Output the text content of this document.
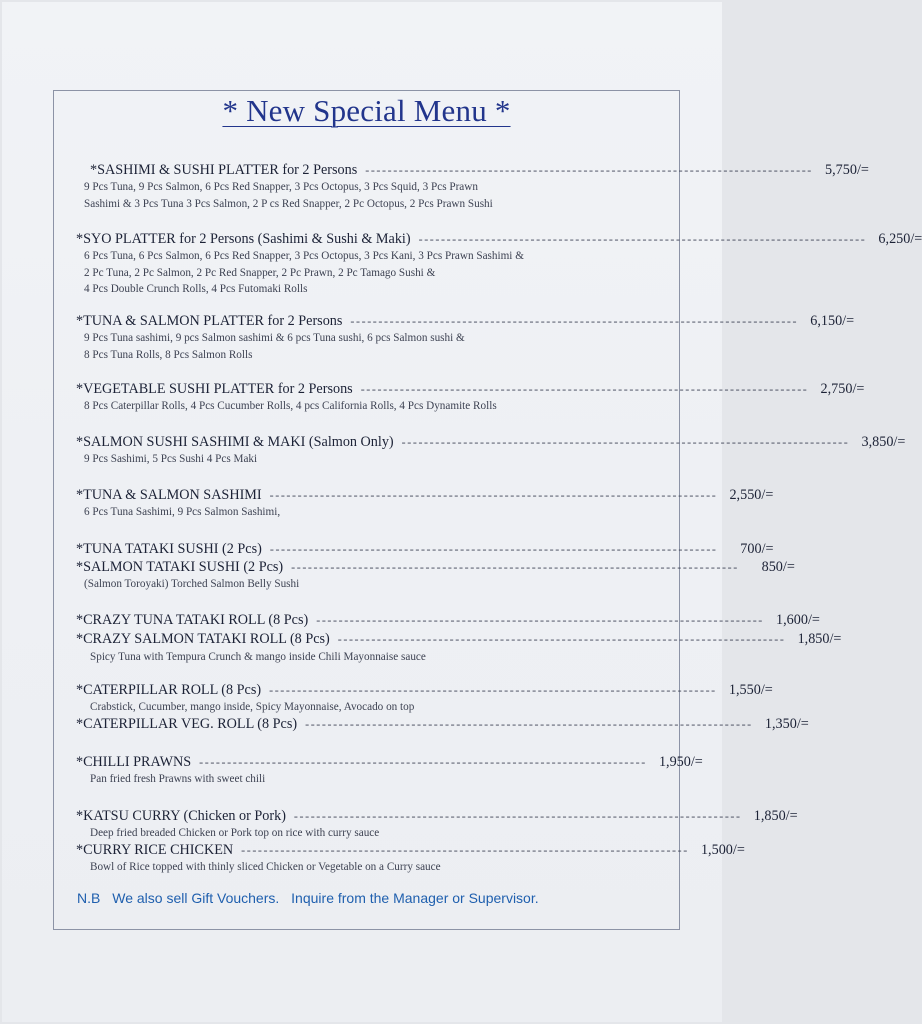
* New Special Menu *
* SASHIMI & SUSHI PLATTER for 2 Persons -------------------------------------------------------------------------------- 5,750/=
9 Pcs Tuna, 9 Pcs Salmon, 6 Pcs Red Snapper, 3 Pcs Octopus, 3 Pcs Squid, 3 Pcs Prawn
Sashimi & 3 Pcs Tuna 3 Pcs Salmon, 2 P cs Red Snapper, 2 Pc Octopus, 2 Pcs Prawn Sushi
* SYO PLATTER for 2 Persons (Sashimi & Sushi & Maki) -------------------------------------------------------------------------------- 6,250/=
6 Pcs Tuna, 6 Pcs Salmon, 6 Pcs Red Snapper, 3 Pcs Octopus, 3 Pcs Kani, 3 Pcs Prawn Sashimi &
2 Pc Tuna, 2 Pc Salmon, 2 Pc Red Snapper, 2 Pc Prawn, 2 Pc Tamago Sushi &
4 Pcs Double Crunch Rolls, 4 Pcs Futomaki Rolls
* TUNA & SALMON PLATTER for 2 Persons -------------------------------------------------------------------------------- 6,150/=
9 Pcs Tuna sashimi, 9 pcs Salmon sashimi & 6 pcs Tuna sushi, 6 pcs Salmon sushi &
8 Pcs Tuna Rolls, 8 Pcs Salmon Rolls
* VEGETABLE SUSHI PLATTER for 2 Persons -------------------------------------------------------------------------------- 2,750/=
8 Pcs Caterpillar Rolls, 4 Pcs Cucumber Rolls, 4 pcs California Rolls, 4 Pcs Dynamite Rolls
* SALMON SUSHI SASHIMI & MAKI (Salmon Only) -------------------------------------------------------------------------------- 3,850/=
9 Pcs Sashimi, 5 Pcs Sushi 4 Pcs Maki
* TUNA & SALMON SASHIMI -------------------------------------------------------------------------------- 2,550/=
6 Pcs Tuna Sashimi, 9 Pcs Salmon Sashimi,
* TUNA TATAKI SUSHI (2 Pcs) --------------------------------------------------------------------------------	700/=
* SALMON TATAKI SUSHI (2 Pcs) --------------------------------------------------------------------------------	850/=
(Salmon Toroyaki) Torched Salmon Belly Sushi
* CRAZY TUNA TATAKI ROLL (8 Pcs) -------------------------------------------------------------------------------- 1,600/=
* CRAZY SALMON TATAKI ROLL (8 Pcs) -------------------------------------------------------------------------------- 1,850/=
Spicy Tuna with Tempura Crunch & mango inside Chili Mayonnaise sauce
* CATERPILLAR ROLL (8 Pcs) -------------------------------------------------------------------------------- 1,550/=
Crabstick, Cucumber, mango inside, Spicy Mayonnaise, Avocado on top
* CATERPILLAR VEG. ROLL (8 Pcs) -------------------------------------------------------------------------------- 1,350/=
* CHILLI PRAWNS -------------------------------------------------------------------------------- 1,950/=
Pan fried fresh Prawns with sweet chili
* KATSU CURRY (Chicken or Pork) -------------------------------------------------------------------------------- 1,850/=
Deep fried breaded Chicken or Pork top on rice with curry sauce
* CURRY RICE CHICKEN -------------------------------------------------------------------------------- 1,500/=
Bowl of Rice topped with thinly sliced Chicken or Vegetable on a Curry sauce
N.B We also sell Gift Vouchers. Inquire from the Manager or Supervisor.
